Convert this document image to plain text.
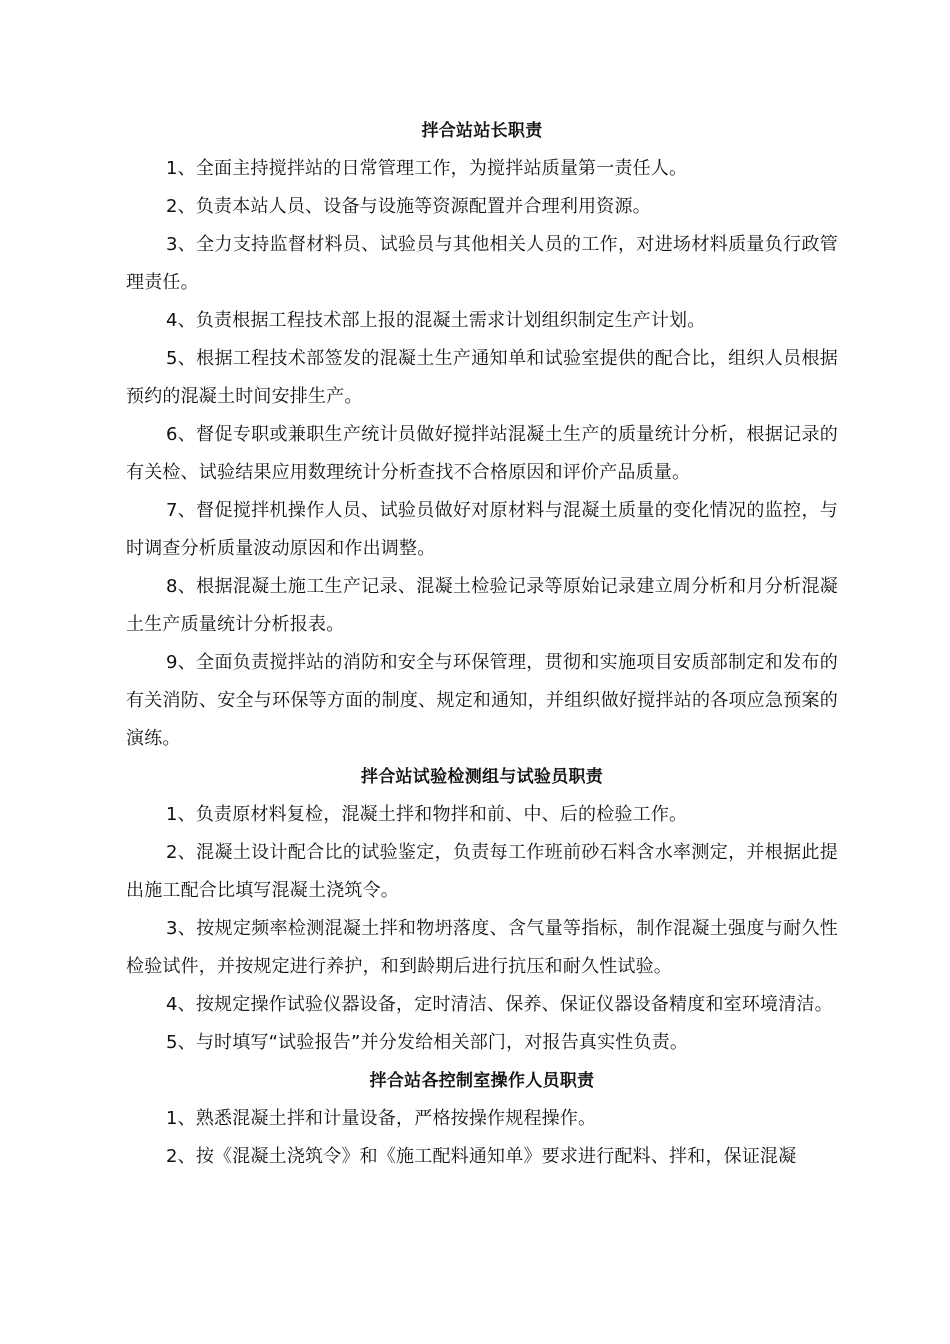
拌合站站长职责

1、全面主持搅拌站的日常管理工作，为搅拌站质量第一责任人。

2、负责本站人员、设备与设施等资源配置并合理利用资源。

3、全力支持监督材料员、试验员与其他相关人员的工作，对进场材料质量负行政管理责任。

4、负责根据工程技术部上报的混凝土需求计划组织制定生产计划。

5、根据工程技术部签发的混凝土生产通知单和试验室提供的配合比，组织人员根据预约的混凝土时间安排生产。

6、督促专职或兼职生产统计员做好搅拌站混凝土生产的质量统计分析，根据记录的有关检、试验结果应用数理统计分析查找不合格原因和评价产品质量。

7、督促搅拌机操作人员、试验员做好对原材料与混凝土质量的变化情况的监控，与时调查分析质量波动原因和作出调整。

8、根据混凝土施工生产记录、混凝土检验记录等原始记录建立周分析和月分析混凝土生产质量统计分析报表。

9、全面负责搅拌站的消防和安全与环保管理，贯彻和实施项目安质部制定和发布的有关消防、安全与环保等方面的制度、规定和通知，并组织做好搅拌站的各项应急预案的演练。

拌合站试验检测组与试验员职责

1、负责原材料复检，混凝土拌和物拌和前、中、后的检验工作。

2、混凝土设计配合比的试验鉴定，负责每工作班前砂石料含水率测定，并根据此提出施工配合比填写混凝土浇筑令。

3、按规定频率检测混凝土拌和物坍落度、含气量等指标，制作混凝土强度与耐久性检验试件，并按规定进行养护，和到龄期后进行抗压和耐久性试验。

4、按规定操作试验仪器设备，定时清洁、保养、保证仪器设备精度和室环境清洁。

5、与时填写“试验报告”并分发给相关部门，对报告真实性负责。

拌合站各控制室操作人员职责

1、熟悉混凝土拌和计量设备，严格按操作规程操作。

2、按《混凝土浇筑令》和《施工配料通知单》要求进行配料、拌和，保证混凝
